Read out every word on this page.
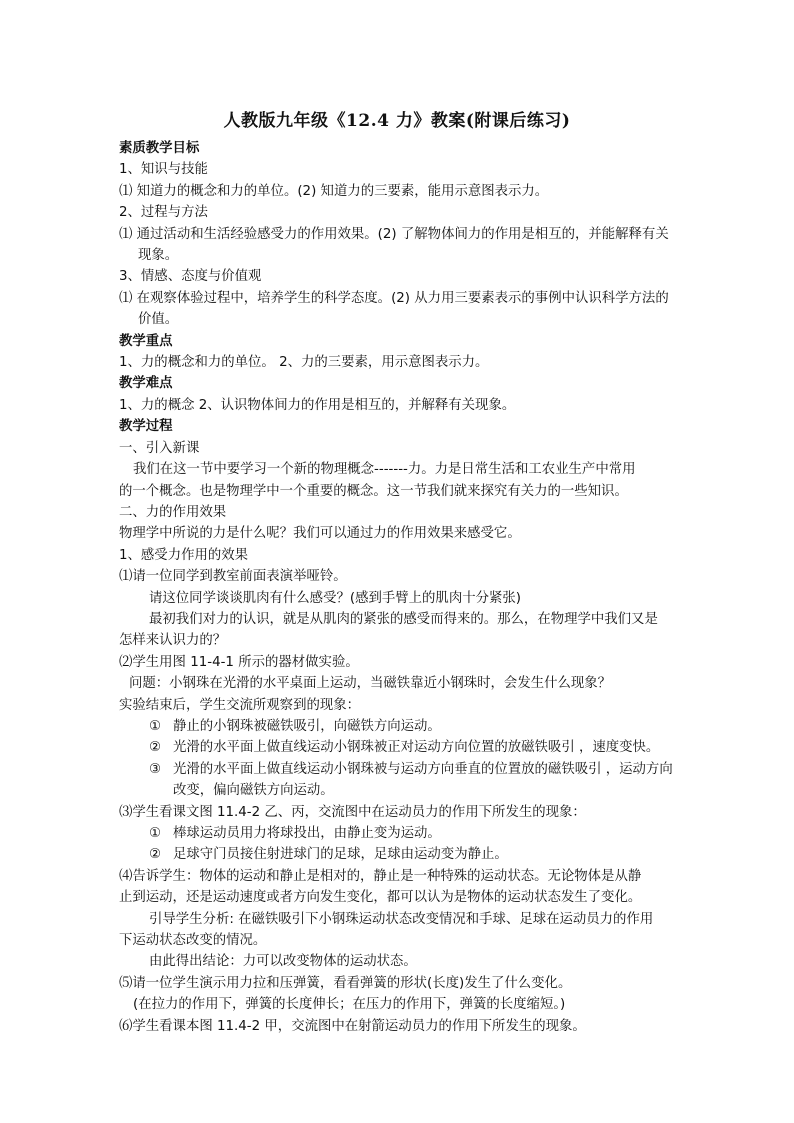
人教版九年级《12.4 力》教案(附课后练习)
素质教学目标
1、知识与技能
⑴ 知道力的概念和力的单位。(2) 知道力的三要素，能用示意图表示力。
2、过程与方法
⑴ 通过活动和生活经验感受力的作用效果。(2) 了解物体间力的作用是相互的，并能解释有关现象。
3、情感、态度与价值观
⑴ 在观察体验过程中，培养学生的科学态度。(2) 从力用三要素表示的事例中认识科学方法的价值。
教学重点
1、力的概念和力的单位。 2、力的三要素，用示意图表示力。
教学难点
1、力的概念 2、认识物体间力的作用是相互的，并解释有关现象。
教学过程
一、引入新课
我们在这一节中要学习一个新的物理概念-------力。力是日常生活和工农业生产中常用
的一个概念。也是物理学中一个重要的概念。这一节我们就来探究有关力的一些知识。
二、力的作用效果
物理学中所说的力是什么呢？我们可以通过力的作用效果来感受它。
1、感受力作用的效果
⑴请一位同学到教室前面表演举哑铃。
请这位同学谈谈肌肉有什么感受？(感到手臂上的肌肉十分紧张)
最初我们对力的认识，就是从肌肉的紧张的感受而得来的。那么，在物理学中我们又是
怎样来认识力的？
⑵学生用图 11-4-1 所示的器材做实验。
问题：小钢珠在光滑的水平桌面上运动，当磁铁靠近小钢珠时，会发生什么现象？
实验结束后，学生交流所观察到的现象：
① 静止的小钢珠被磁铁吸引，向磁铁方向运动。
② 光滑的水平面上做直线运动小钢珠被正对运动方向位置的放磁铁吸引 ，速度变快。
③ 光滑的水平面上做直线运动小钢珠被与运动方向垂直的位置放的磁铁吸引 ，运动方向改变，偏向磁铁方向运动。
⑶学生看课文图 11.4-2 乙、丙，交流图中在运动员力的作用下所发生的现象：
① 棒球运动员用力将球投出，由静止变为运动。
② 足球守门员接住射进球门的足球，足球由运动变为静止。
⑷告诉学生：物体的运动和静止是相对的，静止是一种特殊的运动状态。无论物体是从静
止到运动，还是运动速度或者方向发生变化，都可以认为是物体的运动状态发生了变化。
引导学生分析: 在磁铁吸引下小钢珠运动状态改变情况和手球、足球在运动员力的作用
下运动状态改变的情况。
由此得出结论：力可以改变物体的运动状态。
⑸请一位学生演示用力拉和压弹簧，看看弹簧的形状(长度)发生了什么变化。
(在拉力的作用下，弹簧的长度伸长；在压力的作用下，弹簧的长度缩短。)
⑹学生看课本图 11.4-2 甲，交流图中在射箭运动员力的作用下所发生的现象。
